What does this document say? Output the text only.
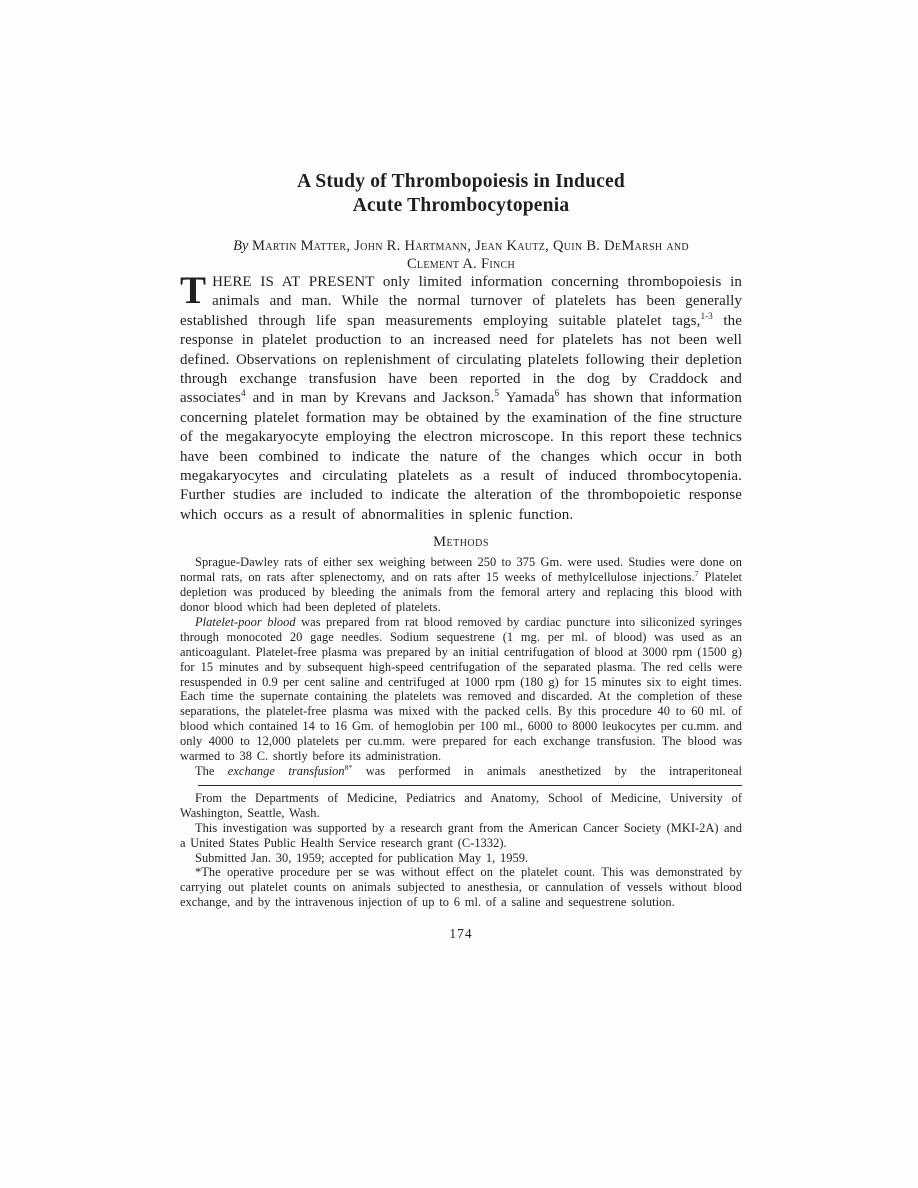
A Study of Thrombopoiesis in Induced
Acute Thrombocytopenia
By Martin Matter, John R. Hartmann, Jean Kautz, Quin B. DeMarsh and
Clement A. Finch

THERE IS AT PRESENT only limited information concerning thrombopoiesis in animals and man. While the normal turnover of platelets has been generally established through life span measurements employing suitable platelet tags,$^{1-3}$ the response in platelet production to an increased need for platelets has not been well defined. Observations on replenishment of circulating platelets following their depletion through exchange transfusion have been reported in the dog by Craddock and associates$^4$ and in man by Krevans and Jackson.$^5$ Yamada$^6$ has shown that information concerning platelet formation may be obtained by the examination of the fine structure of the megakaryocyte employing the electron microscope. In this report these technics have been combined to indicate the nature of the changes which occur in both megakaryocytes and circulating platelets as a result of induced thrombocytopenia. Further studies are included to indicate the alteration of the thrombopoietic response which occurs as a result of abnormalities in splenic function.

Methods

Sprague-Dawley rats of either sex weighing between 250 to 375 Gm. were used. Studies were done on normal rats, on rats after splenectomy, and on rats after 15 weeks of methylcellulose injections.$^7$ Platelet depletion was produced by bleeding the animals from the femoral artery and replacing this blood with donor blood which had been depleted of platelets.

Platelet-poor blood was prepared from rat blood removed by cardiac puncture into siliconized syringes through monocoted 20 gage needles. Sodium sequestrene (1 mg. per ml. of blood) was used as an anticoagulant. Platelet-free plasma was prepared by an initial centrifugation of blood at 3000 rpm (1500 g) for 15 minutes and by subsequent high-speed centrifugation of the separated plasma. The red cells were resuspended in 0.9 per cent saline and centrifuged at 1000 rpm (180 g) for 15 minutes six to eight times. Each time the supernate containing the platelets was removed and discarded. At the completion of these separations, the platelet-free plasma was mixed with the packed cells. By this procedure 40 to 60 ml. of blood which contained 14 to 16 Gm. of hemoglobin per 100 ml., 6000 to 8000 leukocytes per cu.mm. and only 4000 to 12,000 platelets per cu.mm. were prepared for each exchange transfusion. The blood was warmed to 38 C. shortly before its administration.

The exchange transfusion$^{8*}$ was performed in animals anesthetized by the intraperitoneal

From the Departments of Medicine, Pediatrics and Anatomy, School of Medicine, University of Washington, Seattle, Wash.

This investigation was supported by a research grant from the American Cancer Society (MKI-2A) and a United States Public Health Service research grant (C-1332).

Submitted Jan. 30, 1959; accepted for publication May 1, 1959.

*The operative procedure per se was without effect on the platelet count. This was demonstrated by carrying out platelet counts on animals subjected to anesthesia, or cannulation of vessels without blood exchange, and by the intravenous injection of up to 6 ml. of a saline and sequestrene solution.

174
